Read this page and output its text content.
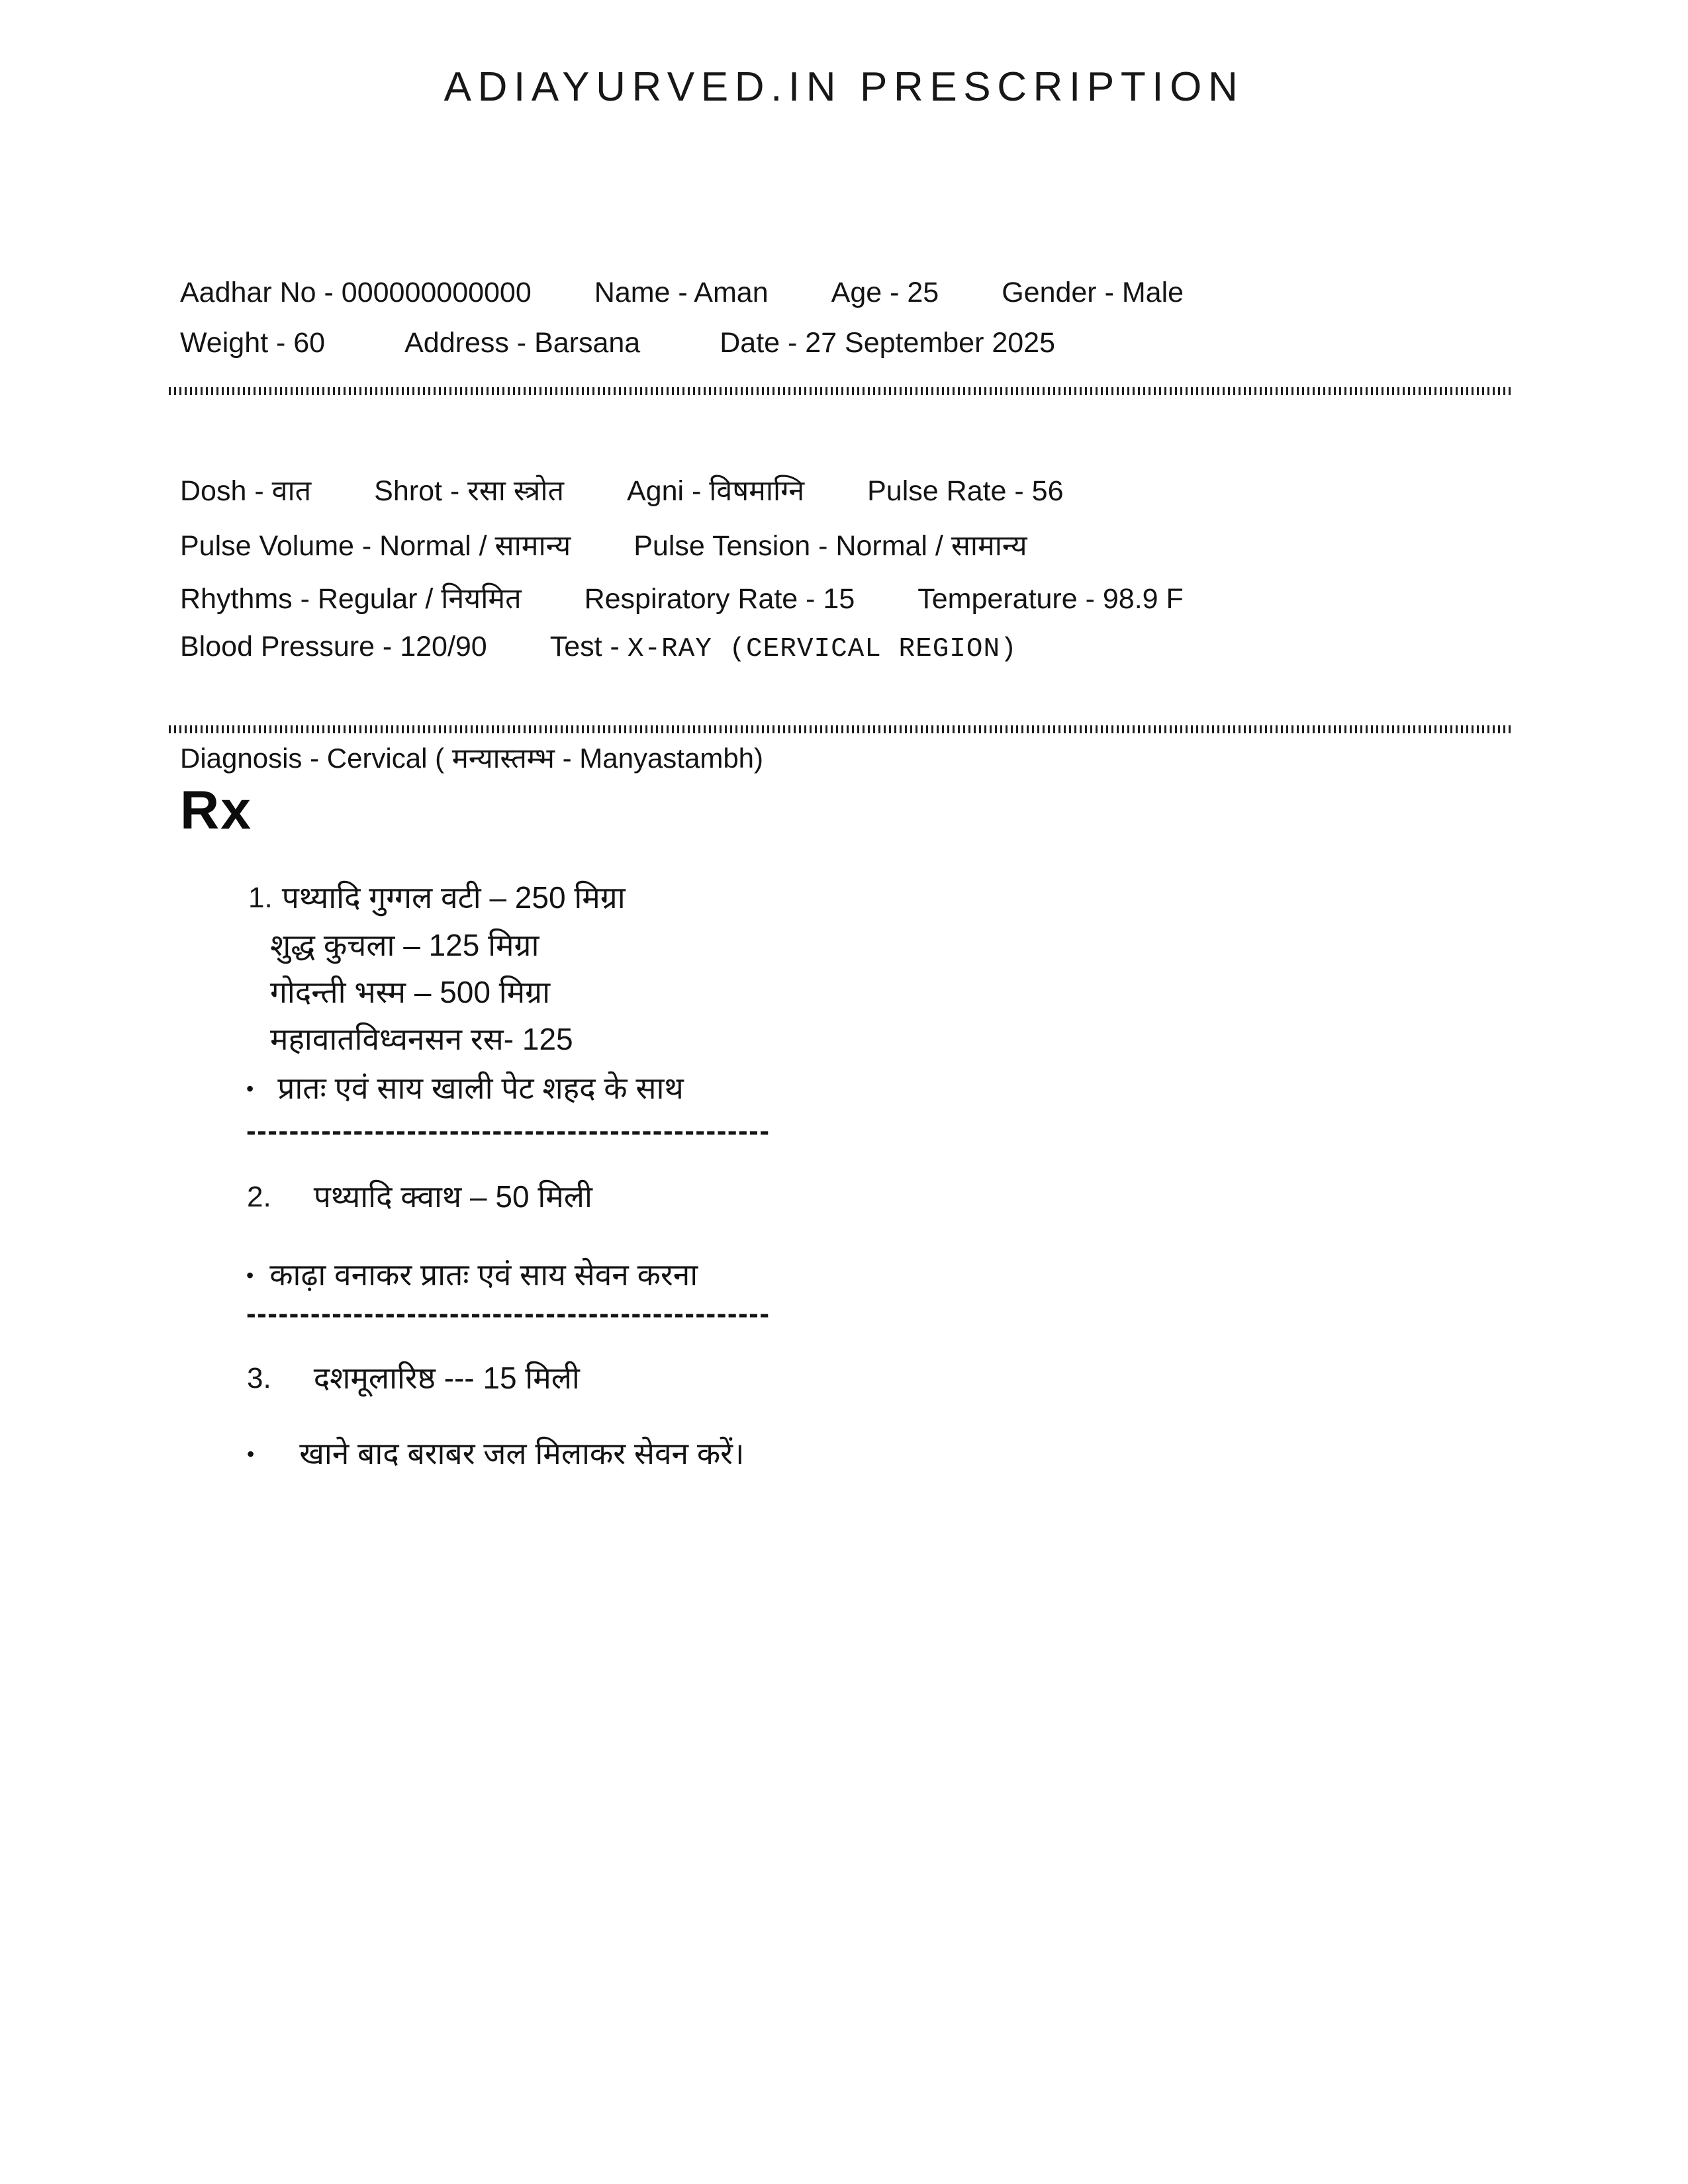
ADIAYURVED.IN PRESCRIPTION
Aadhar No - 000000000000 Name - Aman Age - 25 Gender - Male
Weight - 60	Address - Barsana	Date - 27 September 2025
Dosh - वात Shrot - रसा स्त्रोत Agni - विषमाग्नि Pulse Rate - 56
Pulse Volume - Normal / सामान्य Pulse Tension - Normal / सामान्य
Rhythms - Regular / नियमित Respiratory Rate - 15 Temperature - 98.9 F
Blood Pressure - 120/90 Test - X-RAY (CERVICAL REGION)
Diagnosis - Cervical ( मन्यास्तम्भ - Manyastambh)
Rx
1. पथ्यादि गुग्गल वटी – 250 मिग्रा
शुद्ध कुचला – 125 मिग्रा
गोदन्ती भस्म – 500 मिग्रा
महावातविध्वनसन रस- 125
• प्रातः एवं साय खाली पेट शहद के साथ
-------------------------------------------------
2. पथ्यादि क्वाथ – 50 मिली
• काढ़ा वनाकर प्रातः एवं साय सेवन करना
-------------------------------------------------
3. दशमूलारिष्ठ --- 15 मिली
• खाने बाद बराबर जल मिलाकर सेवन करें।
